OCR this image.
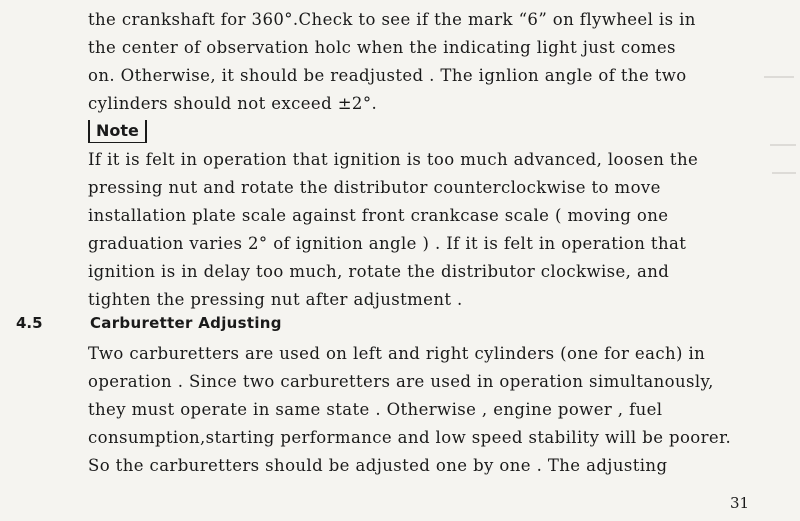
the crankshaft for 360°.Check to see if the mark “6” on flywheel is in
the center of observation holc when the indicating light just comes
on. Otherwise, it should be readjusted . The ignlion angle of the two
cylinders should not exceed ±2°.
Note
If it is felt in operation that ignition is too much advanced, loosen the
pressing nut and rotate the distributor counterclockwise to move
installation plate scale against front crankcase scale ( moving one
graduation varies 2° of ignition angle ) . If it is felt in operation that
ignition is in delay too much, rotate the distributor clockwise, and
tighten the pressing nut after adjustment .
4.5	Carburetter Adjusting
Two carburetters are used on left and right cylinders (one for each) in
operation . Since two carburetters are used in operation simultanously,
they must operate in same state . Otherwise , engine power , fuel
consumption,starting performance and low speed stability will be poorer.
So the carburetters should be adjusted one by one . The adjusting
31
